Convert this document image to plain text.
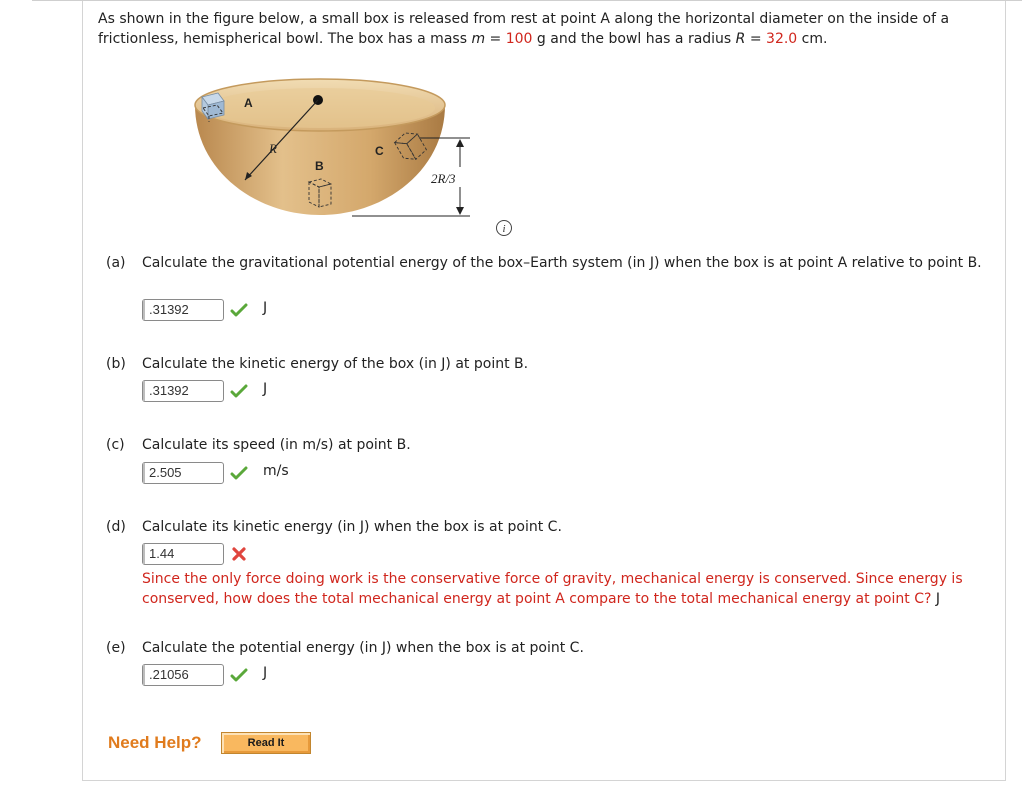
As shown in the figure below, a small box is released from rest at point A along the horizontal diameter on the inside of a frictionless, hemispherical bowl. The box has a mass m = 100 g and the bowl has a radius R = 32.0 cm.
A
R
B
C
2R/3
i
(a) Calculate the gravitational potential energy of the box–Earth system (in J) when the box is at point A relative to point B.
.31392	J
(b) Calculate the kinetic energy of the box (in J) at point B.
.31392	J
(c) Calculate its speed (in m/s) at point B.
2.505	m/s
(d) Calculate its kinetic energy (in J) when the box is at point C.
1.44
Since the only force doing work is the conservative force of gravity, mechanical energy is conserved. Since energy is conserved, how does the total mechanical energy at point A compare to the total mechanical energy at point C? J
(e) Calculate the potential energy (in J) when the box is at point C.
.21056	J
Need Help?	Read It
